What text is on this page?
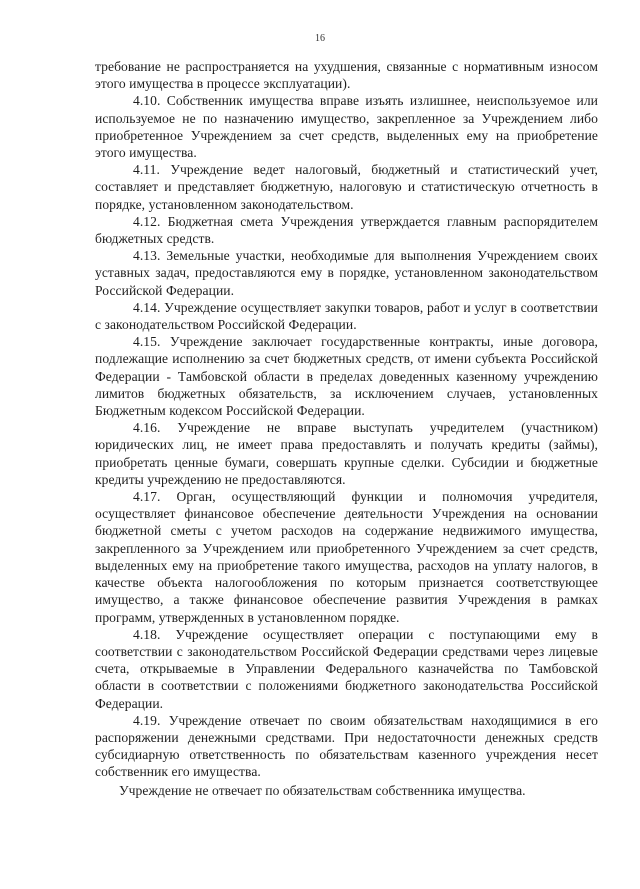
16

требование не распространяется на ухудшения, связанные с нормативным износом этого имущества в процессе эксплуатации).

4.10. Собственник имущества вправе изъять излишнее, неиспользуемое или используемое не по назначению имущество, закрепленное за Учреждением либо приобретенное Учреждением за счет средств, выделенных ему на приобретение этого имущества.

4.11. Учреждение ведет налоговый, бюджетный и статистический учет, составляет и представляет бюджетную, налоговую и статистическую отчетность в порядке, установленном законодательством.

4.12. Бюджетная смета Учреждения утверждается главным распорядителем бюджетных средств.

4.13. Земельные участки, необходимые для выполнения Учреждением своих уставных задач, предоставляются ему в порядке, установленном законодательством Российской Федерации.

4.14. Учреждение осуществляет закупки товаров, работ и услуг в соответствии с законодательством Российской Федерации.

4.15. Учреждение заключает государственные контракты, иные договора, подлежащие исполнению за счет бюджетных средств, от имени субъекта Российской Федерации - Тамбовской области в пределах доведенных казенному учреждению лимитов бюджетных обязательств, за исключением случаев, установленных Бюджетным кодексом Российской Федерации.

4.16. Учреждение не вправе выступать учредителем (участником) юридических лиц, не имеет права предоставлять и получать кредиты (займы), приобретать ценные бумаги, совершать крупные сделки. Субсидии и бюджетные кредиты учреждению не предоставляются.

4.17. Орган, осуществляющий функции и полномочия учредителя, осуществляет финансовое обеспечение деятельности Учреждения на основании бюджетной сметы с учетом расходов на содержание недвижимого имущества, закрепленного за Учреждением или приобретенного Учреждением за счет средств, выделенных ему на приобретение такого имущества, расходов на уплату налогов, в качестве объекта налогообложения по которым признается соответствующее имущество, а также финансовое обеспечение развития Учреждения в рамках программ, утвержденных в установленном порядке.

4.18. Учреждение осуществляет операции с поступающими ему в соответствии с законодательством Российской Федерации средствами через лицевые счета, открываемые в Управлении Федерального казначейства по Тамбовской области в соответствии с положениями бюджетного законодательства Российской Федерации.

4.19. Учреждение отвечает по своим обязательствам находящимися в его распоряжении денежными средствами. При недостаточности денежных средств субсидиарную ответственность по обязательствам казенного учреждения несет собственник его имущества.

Учреждение не отвечает по обязательствам собственника имущества.
